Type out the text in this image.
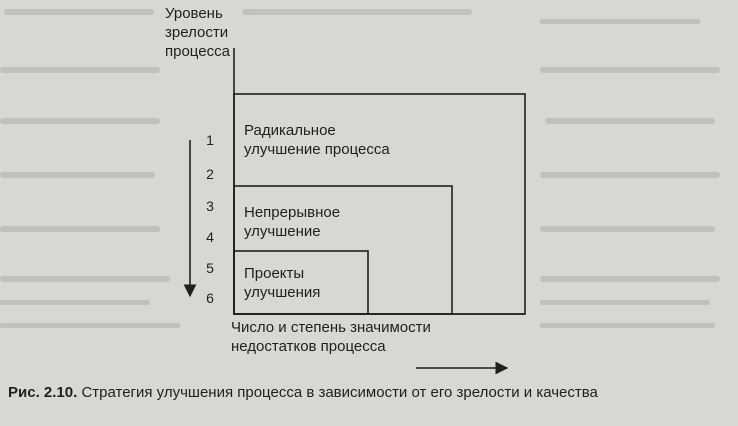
Уровень
зрелости
процесса
1
2
3
4
5
6
Радикальное
улучшение процесса
Непрерывное
улучшение
Проекты
улучшения
Число и степень значимости
недостатков процесса
Рис. 2.10. Стратегия улучшения процесса в зависимости от его зрелости и качества
